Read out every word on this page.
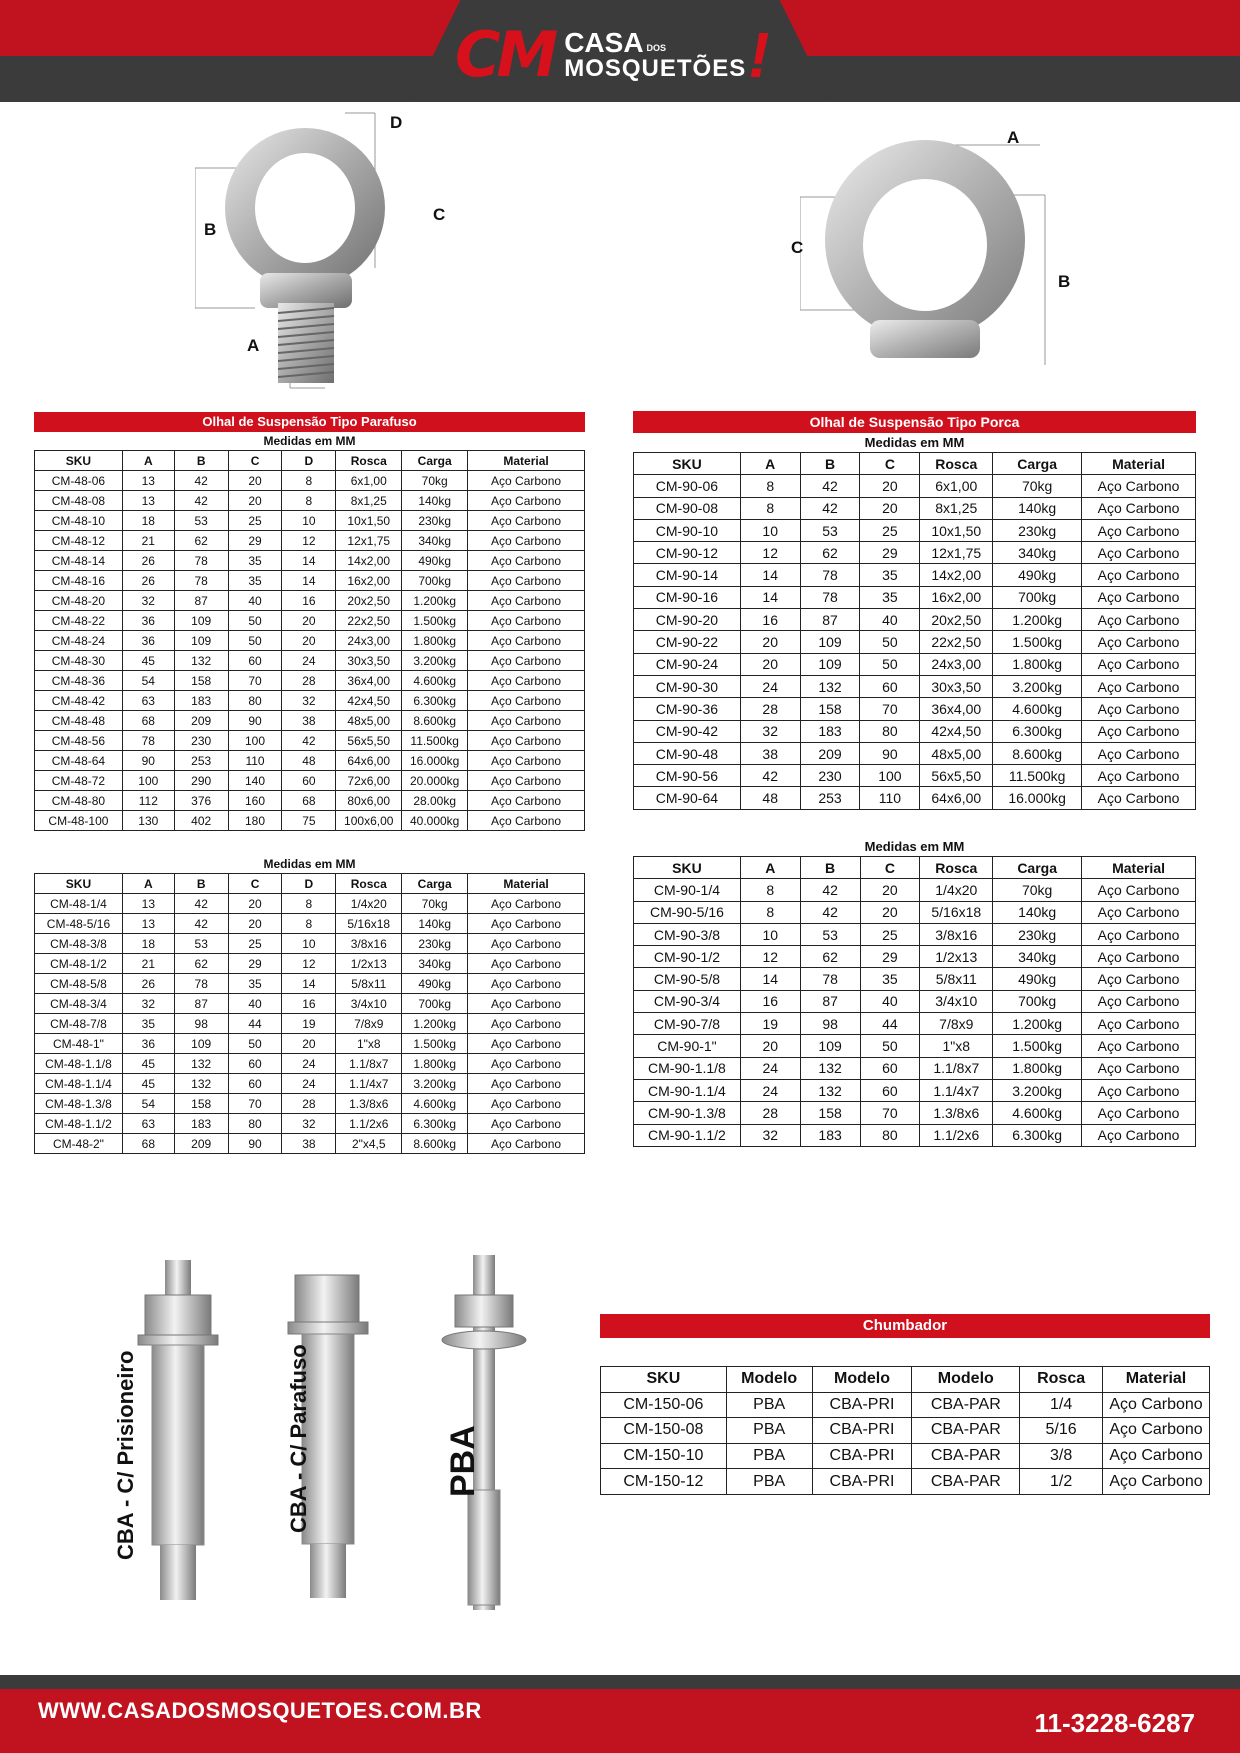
CM CASA DOS
MOSQUETÕES !
D
C
B
A
A
C
B
Olhal de Suspensão Tipo Parafuso
Medidas em MM
SKU	A	B	C	D	Rosca	Carga	Material
CM-48-06	13	42	20	8	6x1,00	70kg	Aço Carbono
CM-48-08	13	42	20	8	8x1,25	140kg	Aço Carbono
CM-48-10	18	53	25	10	10x1,50	230kg	Aço Carbono
CM-48-12	21	62	29	12	12x1,75	340kg	Aço Carbono
CM-48-14	26	78	35	14	14x2,00	490kg	Aço Carbono
CM-48-16	26	78	35	14	16x2,00	700kg	Aço Carbono
CM-48-20	32	87	40	16	20x2,50	1.200kg	Aço Carbono
CM-48-22	36	109	50	20	22x2,50	1.500kg	Aço Carbono
CM-48-24	36	109	50	20	24x3,00	1.800kg	Aço Carbono
CM-48-30	45	132	60	24	30x3,50	3.200kg	Aço Carbono
CM-48-36	54	158	70	28	36x4,00	4.600kg	Aço Carbono
CM-48-42	63	183	80	32	42x4,50	6.300kg	Aço Carbono
CM-48-48	68	209	90	38	48x5,00	8.600kg	Aço Carbono
CM-48-56	78	230	100	42	56x5,50	11.500kg	Aço Carbono
CM-48-64	90	253	110	48	64x6,00	16.000kg	Aço Carbono
CM-48-72	100	290	140	60	72x6,00	20.000kg	Aço Carbono
CM-48-80	112	376	160	68	80x6,00	28.00kg	Aço Carbono
CM-48-100	130	402	180	75	100x6,00	40.000kg	Aço Carbono
Medidas em MM
SKU	A	B	C	D	Rosca	Carga	Material
CM-48-1/4	13	42	20	8	1/4x20	70kg	Aço Carbono
CM-48-5/16	13	42	20	8	5/16x18	140kg	Aço Carbono
CM-48-3/8	18	53	25	10	3/8x16	230kg	Aço Carbono
CM-48-1/2	21	62	29	12	1/2x13	340kg	Aço Carbono
CM-48-5/8	26	78	35	14	5/8x11	490kg	Aço Carbono
CM-48-3/4	32	87	40	16	3/4x10	700kg	Aço Carbono
CM-48-7/8	35	98	44	19	7/8x9	1.200kg	Aço Carbono
CM-48-1"	36	109	50	20	1"x8	1.500kg	Aço Carbono
CM-48-1.1/8	45	132	60	24	1.1/8x7	1.800kg	Aço Carbono
CM-48-1.1/4	45	132	60	24	1.1/4x7	3.200kg	Aço Carbono
CM-48-1.3/8	54	158	70	28	1.3/8x6	4.600kg	Aço Carbono
CM-48-1.1/2	63	183	80	32	1.1/2x6	6.300kg	Aço Carbono
CM-48-2"	68	209	90	38	2"x4,5	8.600kg	Aço Carbono
Olhal de Suspensão Tipo Porca
Medidas em MM
SKU	A	B	C	Rosca	Carga	Material
CM-90-06	8	42	20	6x1,00	70kg	Aço Carbono
CM-90-08	8	42	20	8x1,25	140kg	Aço Carbono
CM-90-10	10	53	25	10x1,50	230kg	Aço Carbono
CM-90-12	12	62	29	12x1,75	340kg	Aço Carbono
CM-90-14	14	78	35	14x2,00	490kg	Aço Carbono
CM-90-16	14	78	35	16x2,00	700kg	Aço Carbono
CM-90-20	16	87	40	20x2,50	1.200kg	Aço Carbono
CM-90-22	20	109	50	22x2,50	1.500kg	Aço Carbono
CM-90-24	20	109	50	24x3,00	1.800kg	Aço Carbono
CM-90-30	24	132	60	30x3,50	3.200kg	Aço Carbono
CM-90-36	28	158	70	36x4,00	4.600kg	Aço Carbono
CM-90-42	32	183	80	42x4,50	6.300kg	Aço Carbono
CM-90-48	38	209	90	48x5,00	8.600kg	Aço Carbono
CM-90-56	42	230	100	56x5,50	11.500kg	Aço Carbono
CM-90-64	48	253	110	64x6,00	16.000kg	Aço Carbono
Medidas em MM
SKU	A	B	C	Rosca	Carga	Material
CM-90-1/4	8	42	20	1/4x20	70kg	Aço Carbono
CM-90-5/16	8	42	20	5/16x18	140kg	Aço Carbono
CM-90-3/8	10	53	25	3/8x16	230kg	Aço Carbono
CM-90-1/2	12	62	29	1/2x13	340kg	Aço Carbono
CM-90-5/8	14	78	35	5/8x11	490kg	Aço Carbono
CM-90-3/4	16	87	40	3/4x10	700kg	Aço Carbono
CM-90-7/8	19	98	44	7/8x9	1.200kg	Aço Carbono
CM-90-1"	20	109	50	1"x8	1.500kg	Aço Carbono
CM-90-1.1/8	24	132	60	1.1/8x7	1.800kg	Aço Carbono
CM-90-1.1/4	24	132	60	1.1/4x7	3.200kg	Aço Carbono
CM-90-1.3/8	28	158	70	1.3/8x6	4.600kg	Aço Carbono
CM-90-1.1/2	32	183	80	1.1/2x6	6.300kg	Aço Carbono
CBA - C/ Prisioneiro	CBA - C/ Parafuso	PBA
Chumbador
SKU	Modelo	Modelo	Modelo	Rosca	Material
CM-150-06	PBA	CBA-PRI	CBA-PAR	1/4	Aço Carbono
CM-150-08	PBA	CBA-PRI	CBA-PAR	5/16	Aço Carbono
CM-150-10	PBA	CBA-PRI	CBA-PAR	3/8	Aço Carbono
CM-150-12	PBA	CBA-PRI	CBA-PAR	1/2	Aço Carbono
WWW.CASADOSMOSQUETOES.COM.BR	11-3228-6287
